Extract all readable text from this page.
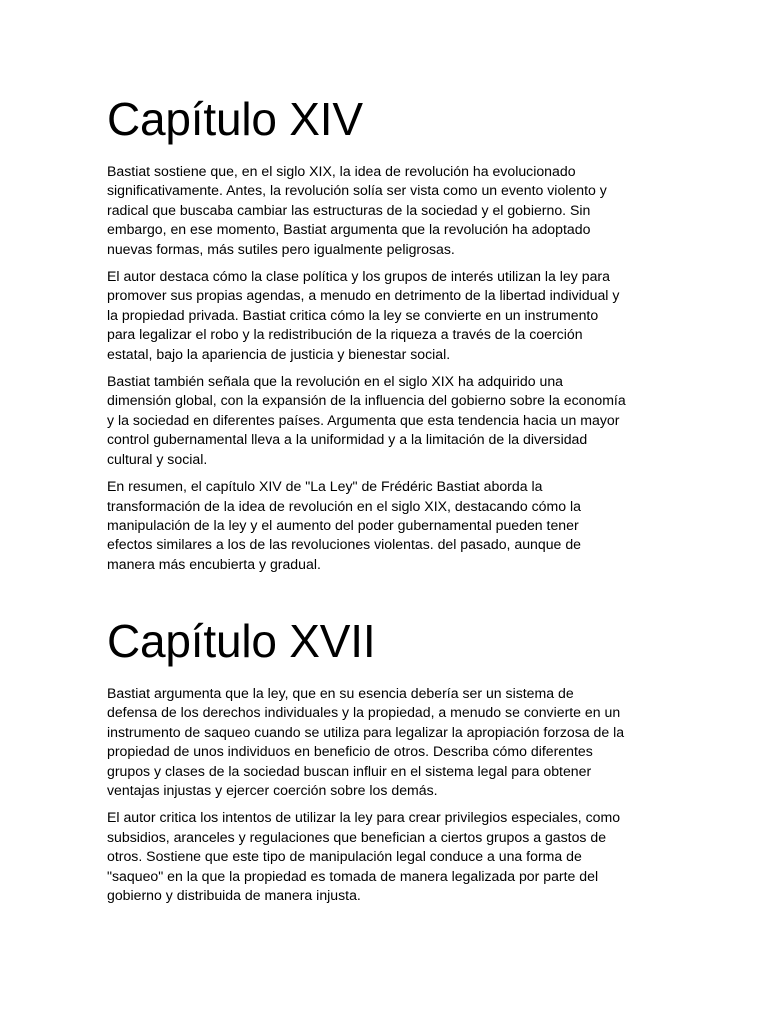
Capítulo XIV

Bastiat sostiene que, en el siglo XIX, la idea de revolución ha evolucionado
significativamente. Antes, la revolución solía ser vista como un evento violento y
radical que buscaba cambiar las estructuras de la sociedad y el gobierno. Sin
embargo, en ese momento, Bastiat argumenta que la revolución ha adoptado
nuevas formas, más sutiles pero igualmente peligrosas.

El autor destaca cómo la clase política y los grupos de interés utilizan la ley para
promover sus propias agendas, a menudo en detrimento de la libertad individual y
la propiedad privada. Bastiat critica cómo la ley se convierte en un instrumento
para legalizar el robo y la redistribución de la riqueza a través de la coerción
estatal, bajo la apariencia de justicia y bienestar social.

Bastiat también señala que la revolución en el siglo XIX ha adquirido una
dimensión global, con la expansión de la influencia del gobierno sobre la economía
y la sociedad en diferentes países. Argumenta que esta tendencia hacia un mayor
control gubernamental lleva a la uniformidad y a la limitación de la diversidad
cultural y social.

En resumen, el capítulo XIV de "La Ley" de Frédéric Bastiat aborda la
transformación de la idea de revolución en el siglo XIX, destacando cómo la
manipulación de la ley y el aumento del poder gubernamental pueden tener
efectos similares a los de las revoluciones violentas. del pasado, aunque de
manera más encubierta y gradual.

Capítulo XVII

Bastiat argumenta que la ley, que en su esencia debería ser un sistema de
defensa de los derechos individuales y la propiedad, a menudo se convierte en un
instrumento de saqueo cuando se utiliza para legalizar la apropiación forzosa de la
propiedad de unos individuos en beneficio de otros. Describa cómo diferentes
grupos y clases de la sociedad buscan influir en el sistema legal para obtener
ventajas injustas y ejercer coerción sobre los demás.

El autor critica los intentos de utilizar la ley para crear privilegios especiales, como
subsidios, aranceles y regulaciones que benefician a ciertos grupos a gastos de
otros. Sostiene que este tipo de manipulación legal conduce a una forma de
"saqueo" en la que la propiedad es tomada de manera legalizada por parte del
gobierno y distribuida de manera injusta.
